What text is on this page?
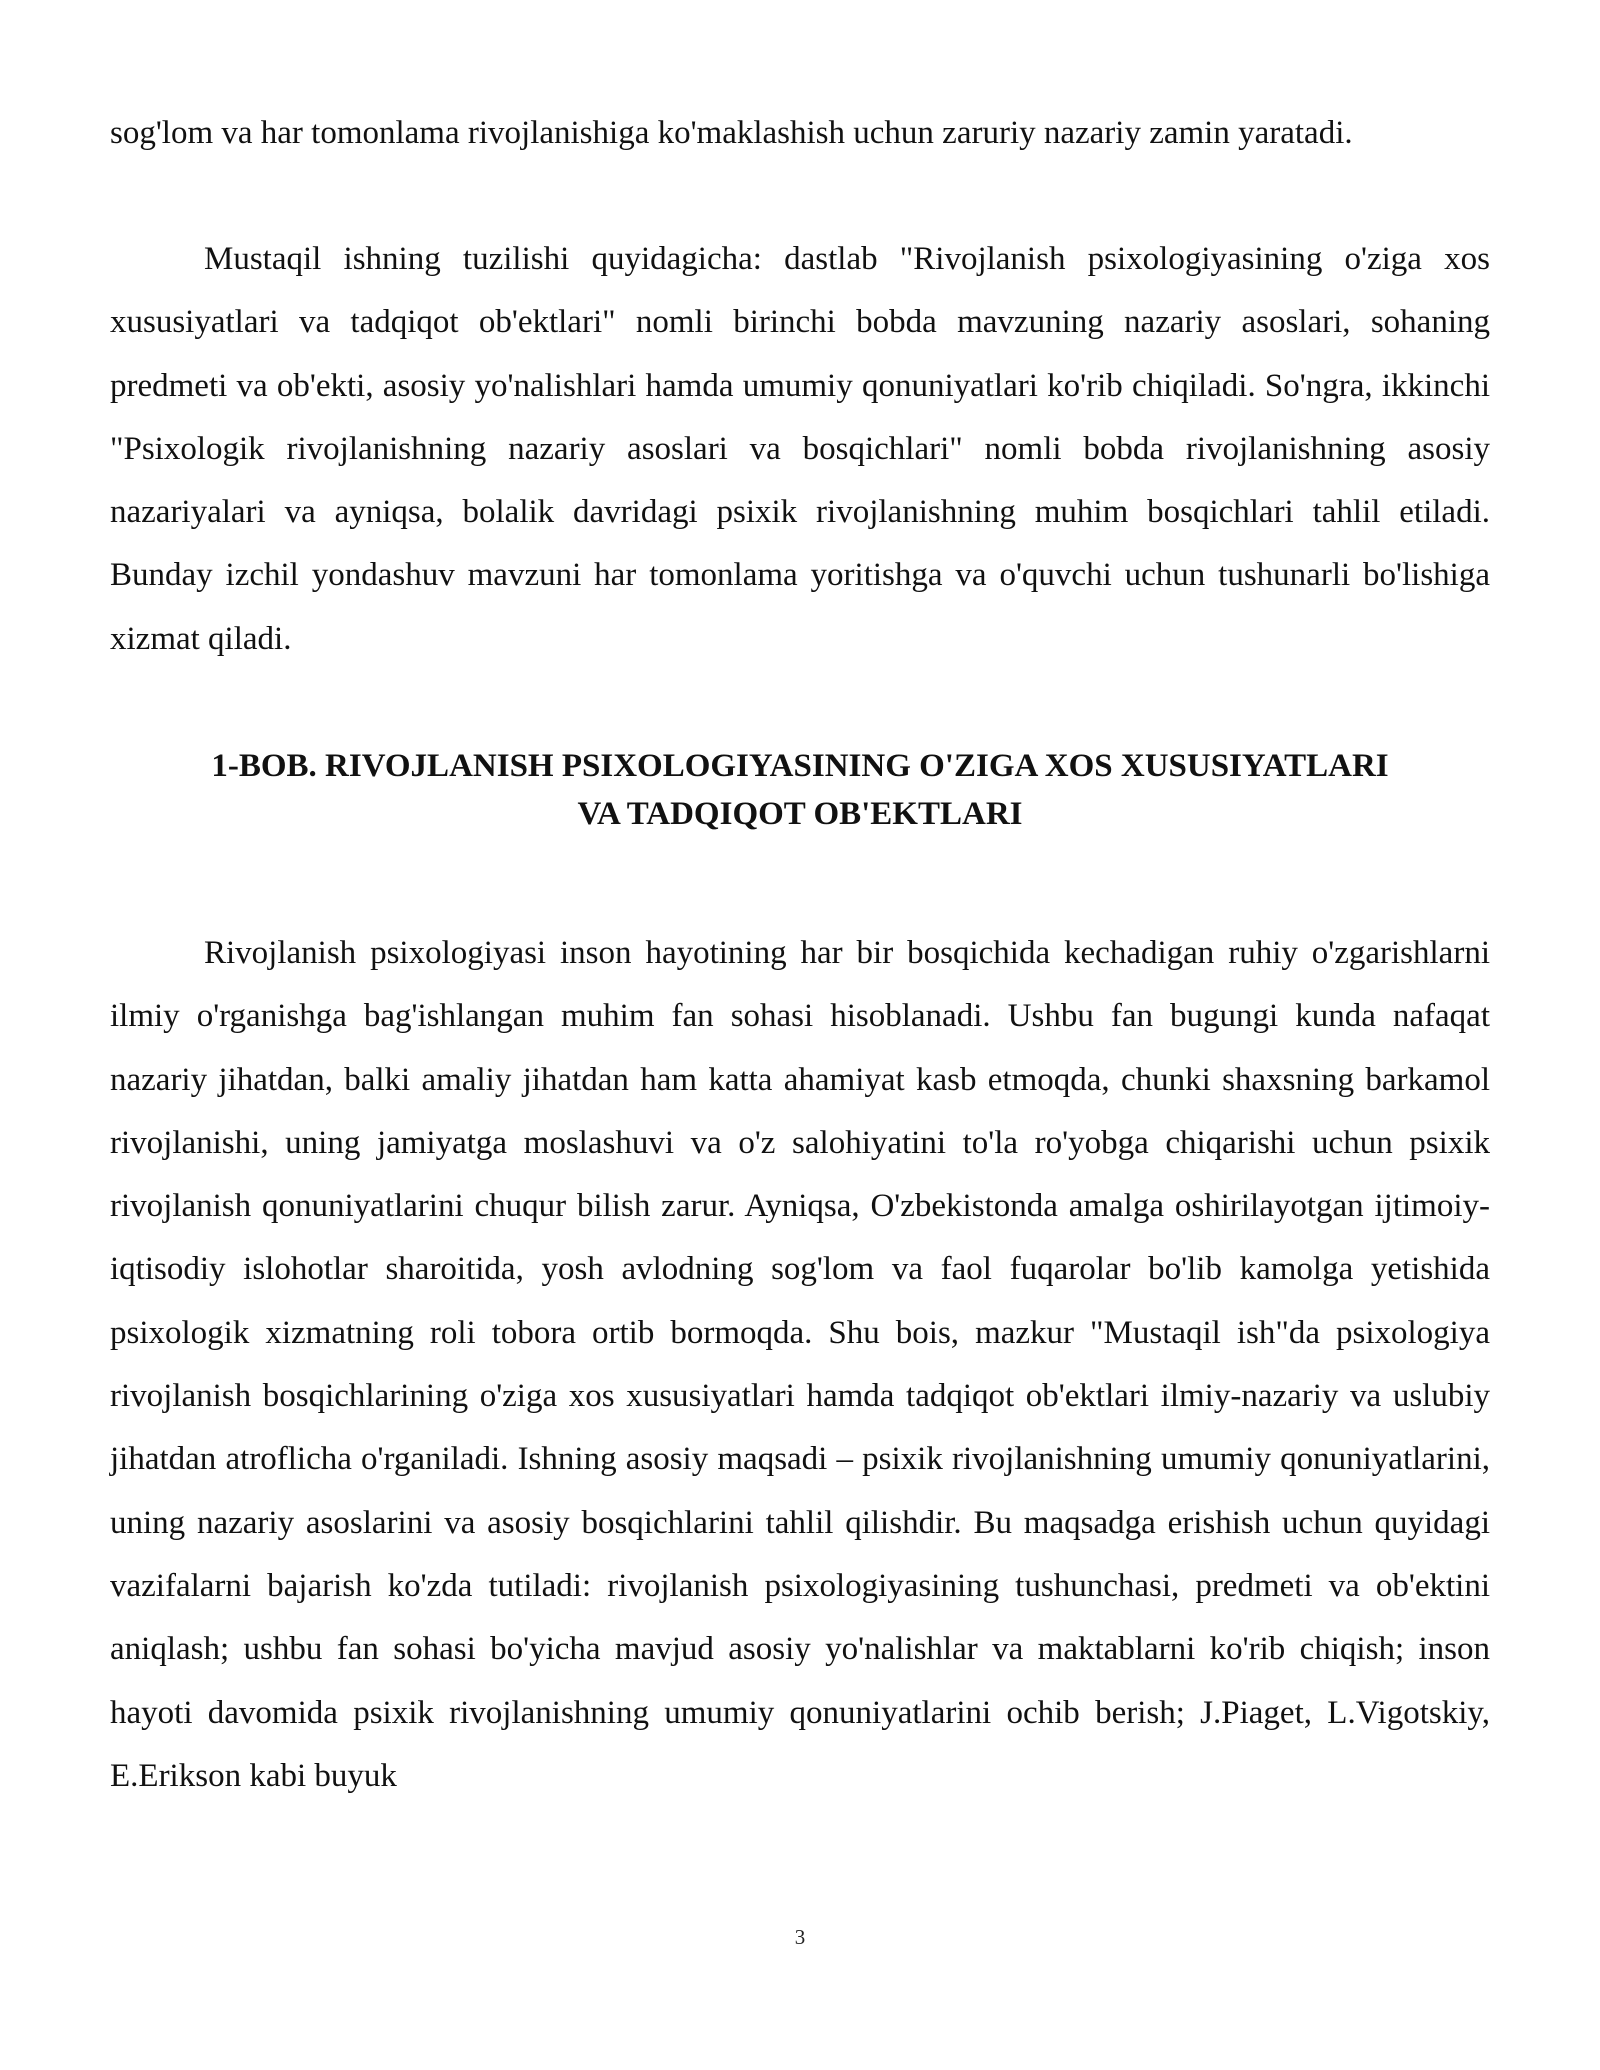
sog'lom va har tomonlama rivojlanishiga ko'maklashish uchun zaruriy nazariy zamin yaratadi.

Mustaqil ishning tuzilishi quyidagicha: dastlab "Rivojlanish psixologiyasining o'ziga xos xususiyatlari va tadqiqot ob'ektlari" nomli birinchi bobda mavzuning nazariy asoslari, sohaning predmeti va ob'ekti, asosiy yo'nalishlari hamda umumiy qonuniyatlari ko'rib chiqiladi. So'ngra, ikkinchi "Psixologik rivojlanishning nazariy asoslari va bosqichlari" nomli bobda rivojlanishning asosiy nazariyalari va ayniqsa, bolalik davridagi psixik rivojlanishning muhim bosqichlari tahlil etiladi. Bunday izchil yondashuv mavzuni har tomonlama yoritishga va o'quvchi uchun tushunarli bo'lishiga xizmat qiladi.

1-BOB. RIVOJLANISH PSIXOLOGIYASINING O'ZIGA XOS XUSUSIYATLARI
VA TADQIQOT OB'EKTLARI

Rivojlanish psixologiyasi inson hayotining har bir bosqichida kechadigan ruhiy o'zgarishlarni ilmiy o'rganishga bag'ishlangan muhim fan sohasi hisoblanadi. Ushbu fan bugungi kunda nafaqat nazariy jihatdan, balki amaliy jihatdan ham katta ahamiyat kasb etmoqda, chunki shaxsning barkamol rivojlanishi, uning jamiyatga moslashuvi va o'z salohiyatini to'la ro'yobga chiqarishi uchun psixik rivojlanish qonuniyatlarini chuqur bilish zarur. Ayniqsa, O'zbekistonda amalga oshirilayotgan ijtimoiy-iqtisodiy islohotlar sharoitida, yosh avlodning sog'lom va faol fuqarolar bo'lib kamolga yetishida psixologik xizmatning roli tobora ortib bormoqda. Shu bois, mazkur "Mustaqil ish"da psixologiya rivojlanish bosqichlarining o'ziga xos xususiyatlari hamda tadqiqot ob'ektlari ilmiy-nazariy va uslubiy jihatdan atroflicha o'rganiladi. Ishning asosiy maqsadi – psixik rivojlanishning umumiy qonuniyatlarini, uning nazariy asoslarini va asosiy bosqichlarini tahlil qilishdir. Bu maqsadga erishish uchun quyidagi vazifalarni bajarish ko'zda tutiladi: rivojlanish psixologiyasining tushunchasi, predmeti va ob'ektini aniqlash; ushbu fan sohasi bo'yicha mavjud asosiy yo'nalishlar va maktablarni ko'rib chiqish; inson hayoti davomida psixik rivojlanishning umumiy qonuniyatlarini ochib berish; J.Piaget, L.Vigotskiy, E.Erikson kabi buyuk

3
